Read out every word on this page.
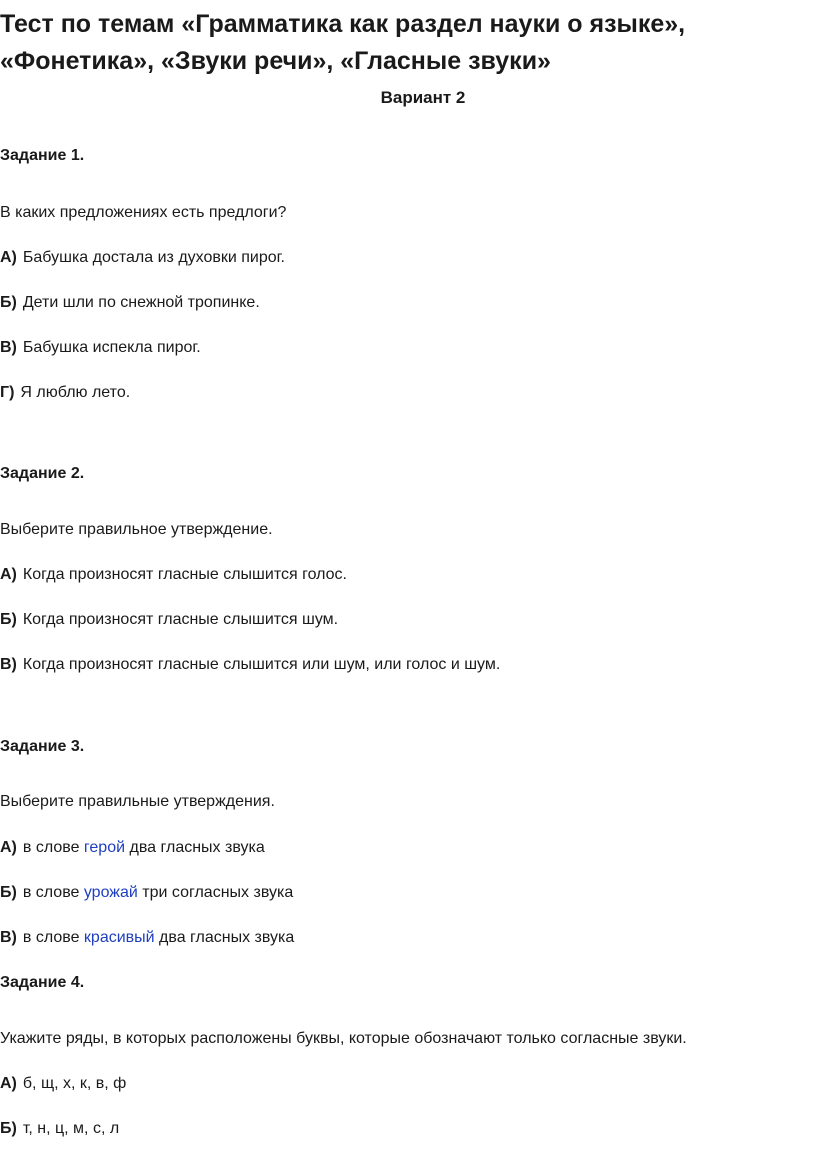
Тест по темам «Грамматика как раздел науки о языке», «Фонетика», «Звуки речи», «Гласные звуки»

Вариант 2

Задание 1.

В каких предложениях есть предлоги?

А) Бабушка достала из духовки пирог.

Б) Дети шли по снежной тропинке.

В) Бабушка испекла пирог.

Г) Я люблю лето.

Задание 2.

Выберите правильное утверждение.

А) Когда произносят гласные слышится голос.

Б) Когда произносят гласные слышится шум.

В) Когда произносят гласные слышится или шум, или голос и шум.

Задание 3.

Выберите правильные утверждения.

А) в слове герой два гласных звука

Б) в слове урожай три согласных звука

В) в слове красивый два гласных звука

Задание 4.

Укажите ряды, в которых расположены буквы, которые обозначают только согласные звуки.

А) б, щ, х, к, в, ф

Б) т, н, ц, м, с, л
